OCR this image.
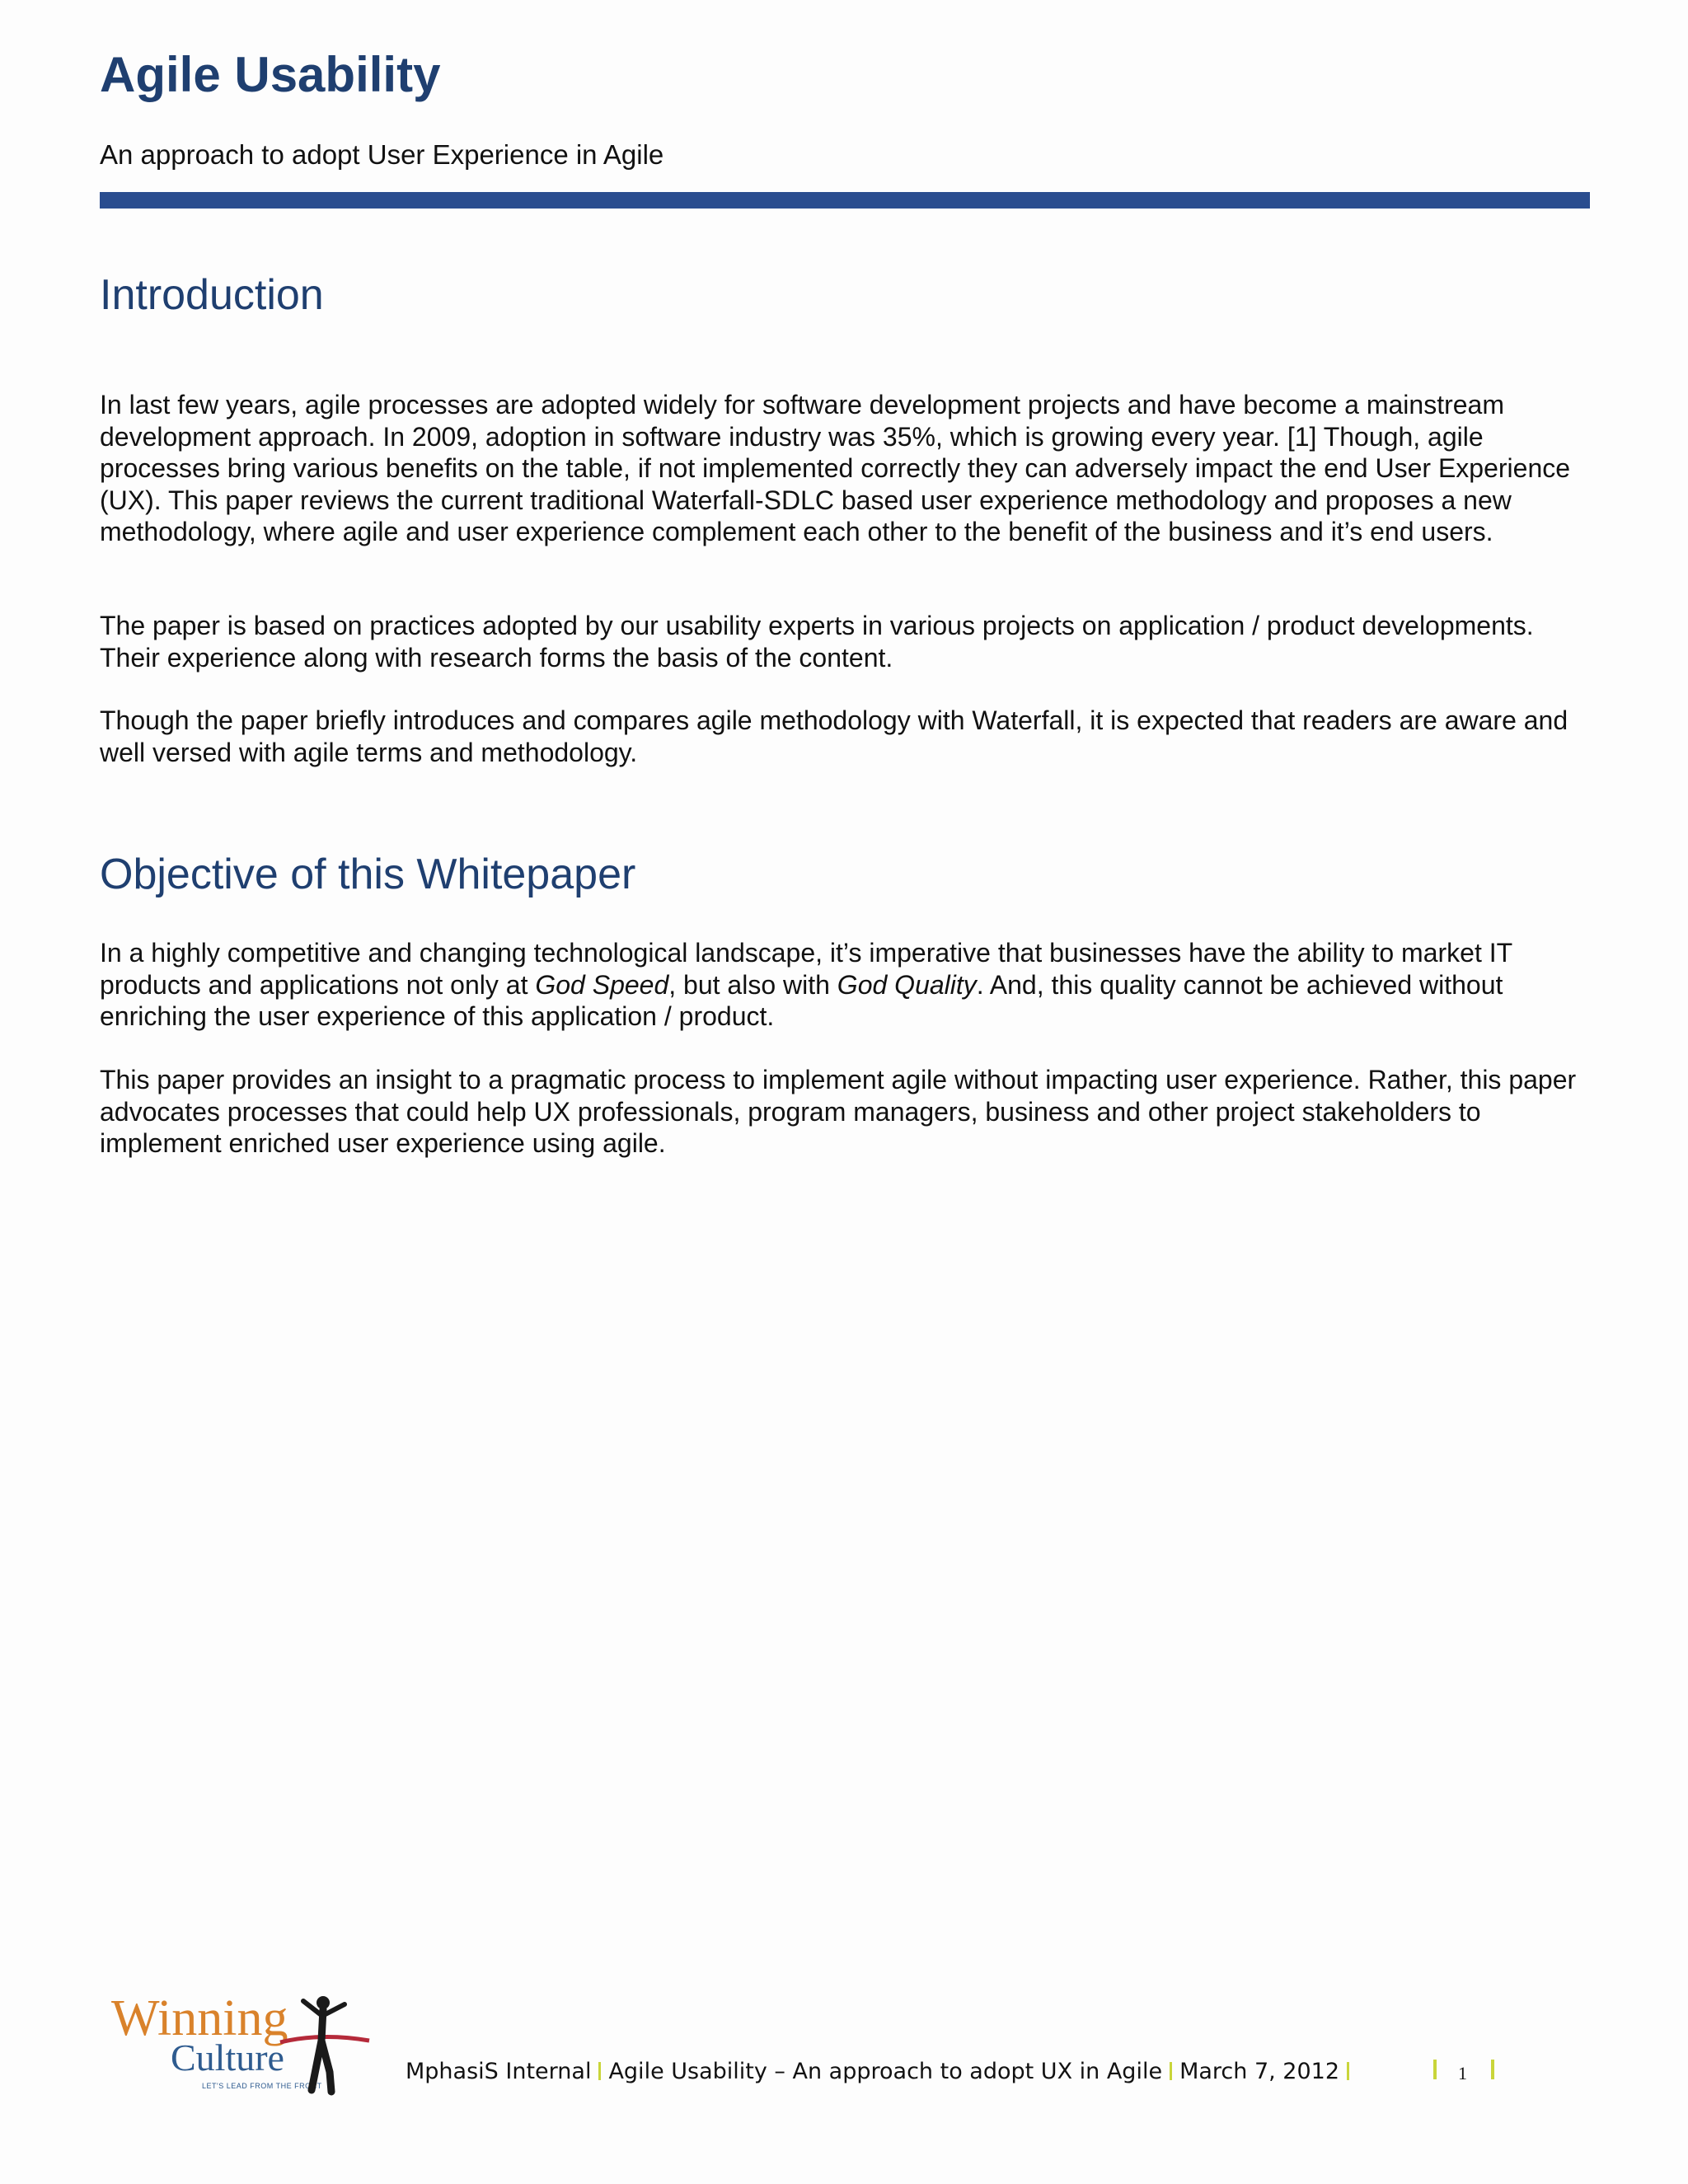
Agile Usability

An approach to adopt User Experience in Agile

Introduction

In last few years, agile processes are adopted widely for software development projects and have become a mainstream development approach. In 2009, adoption in software industry was 35%, which is growing every year. [1] Though, agile processes bring various benefits on the table, if not implemented correctly they can adversely impact the end User Experience (UX). This paper reviews the current traditional Waterfall-SDLC based user experience methodology and proposes a new methodology, where agile and user experience complement each other to the benefit of the business and it’s end users.

The paper is based on practices adopted by our usability experts in various projects on application / product developments. Their experience along with research forms the basis of the content.

Though the paper briefly introduces and compares agile methodology with Waterfall, it is expected that readers are aware and well versed with agile terms and methodology.

Objective of this Whitepaper

In a highly competitive and changing technological landscape, it’s imperative that businesses have the ability to market IT products and applications not only at God Speed, but also with God Quality. And, this quality cannot be achieved without enriching the user experience of this application / product.

This paper provides an insight to a pragmatic process to implement agile without impacting user experience. Rather, this paper advocates processes that could help UX professionals, program managers, business and other project stakeholders to implement enriched user experience using agile.

Winning
Culture
LET'S LEAD FROM THE FRONT
MphasiS Internal Agile Usability – An approach to adopt UX in Agile March 7, 2012	1
